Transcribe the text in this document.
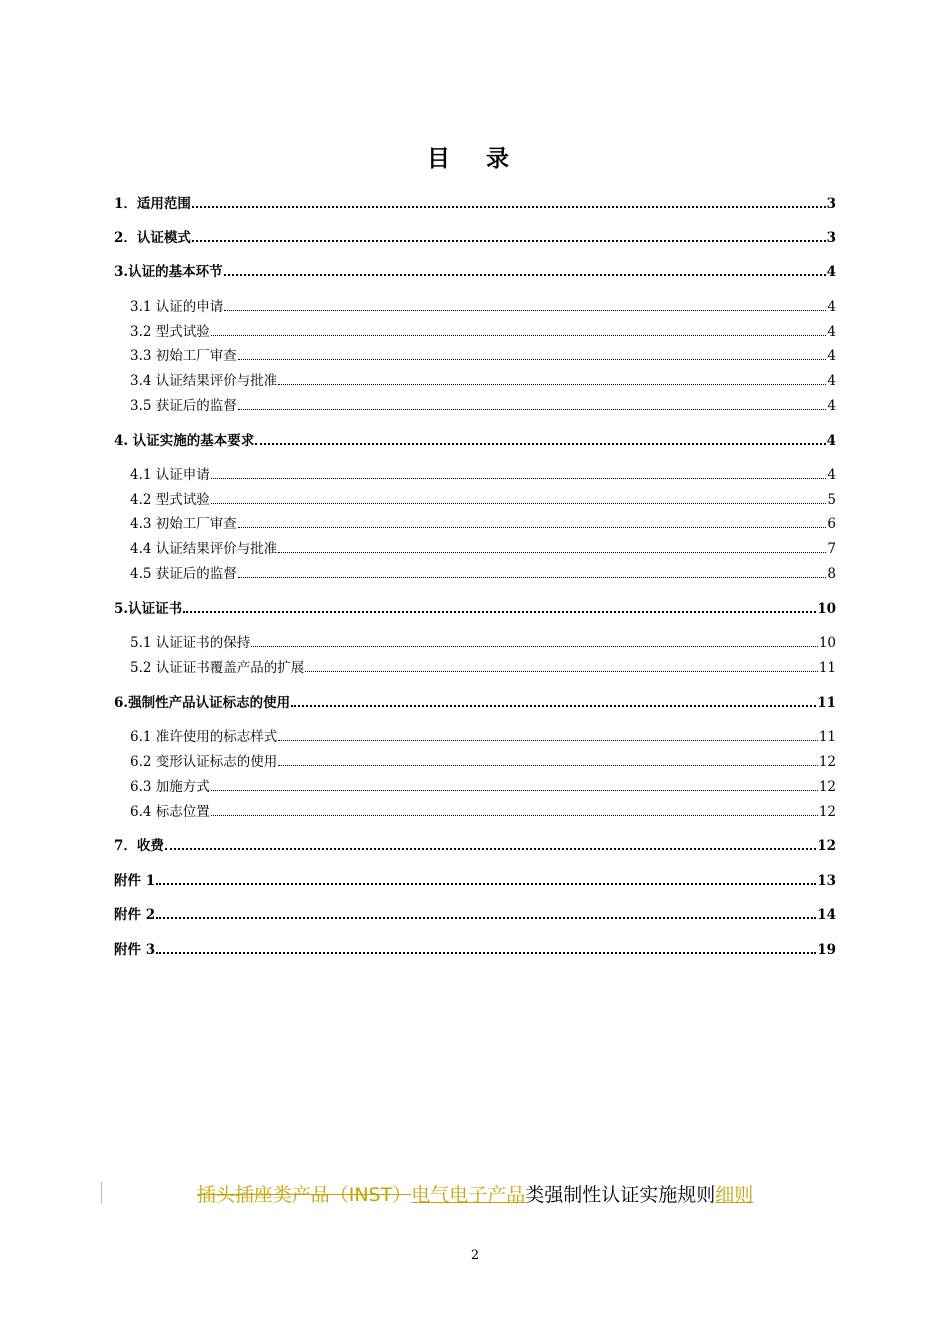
目 录
1．适用范围	3
2．认证模式	3
3.认证的基本环节	4
3.1 认证的申请	4
3.2 型式试验	4
3.3 初始工厂审查	4
3.4 认证结果评价与批准	4
3.5 获证后的监督	4
4. 认证实施的基本要求	4
4.1 认证申请	4
4.2 型式试验	5
4.3 初始工厂审查	6
4.4 认证结果评价与批准	7
4.5 获证后的监督	8
5.认证证书	10
5.1 认证证书的保持	10
5.2 认证证书覆盖产品的扩展	11
6.强制性产品认证标志的使用	11
6.1 准许使用的标志样式	11
6.2 变形认证标志的使用	12
6.3 加施方式	12
6.4 标志位置	12
7．收费	12
附件 1	13
附件 2	14
附件 3	19
插头插座类产品（INST）电气电子产品类强制性认证实施规则细则
2
